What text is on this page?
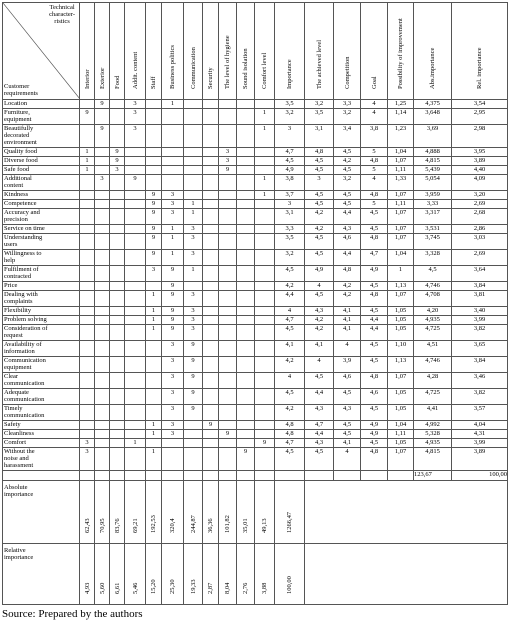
Technical
character-
ristics
Customer
requirements	Interior	Exterior	Food	Addit. content	Staff	Business politics	Communication	Security	The level of hygiene	Sound isolation	Comfort level	Importance	The achieved level	Competition	Goal	Possibility of improvement	Abs.importance	Rel. importance

Location		9		3		1						3,5	3,2	3,3	4	1,25	4,375	3,54

Furniture,
equipment	9			3							1	3,2	3,5	3,2	4	1,14	3,648	2,95

Beautifully
decorated
environment		9		3							1	3	3,1	3,4	3,8	1,23	3,69	2,98

Quality food	1		9						3			4,7	4,8	4,5	5	1,04	4,888	3,95

Diverse food	1		9						3			4,5	4,5	4,2	4,8	1,07	4,815	3,89

Safe food	1		3						9			4,9	4,5	4,5	5	1,11	5,439	4,40

Additional
content		3		9							1	3,8	3	3,2	4	1,33	5,054	4,09

Kindness					9	3					1	3,7	4,5	4,5	4,8	1,07	3,959	3,20

Competence					9	3	1					3	4,5	4,5	5	1,11	3,33	2,69

Accuracy and
precision					9	3	1					3,1	4,2	4,4	4,5	1,07	3,317	2,68

Service on time					9	1	3					3,3	4,2	4,3	4,5	1,07	3,531	2,86

Understanding
users					9	1	3					3,5	4,5	4,6	4,8	1,07	3,745	3,03

Willingness to
help					9	1	3					3,2	4,5	4,4	4,7	1,04	3,328	2,69

Fulfilment of
contracted					3	9	1					4,5	4,9	4,8	4,9	1	4,5	3,64

Price						9						4,2	4	4,2	4,5	1,13	4,746	3,84

Dealing with
complaints					1	9	3					4,4	4,5	4,2	4,8	1,07	4,708	3,81

Flexibility					1	9	3					4	4,3	4,1	4,5	1,05	4,20	3,40

Problem solving					1	9	3					4,7	4,2	4,1	4,4	1,05	4,935	3,99

Consideration of
request					1	9	3					4,5	4,2	4,1	4,4	1,05	4,725	3,82

Availability of
information						3	9					4,1	4,1	4	4,5	1,10	4,51	3,65

Communication
equipment						3	9					4,2	4	3,9	4,5	1,13	4,746	3,84

Clear
communication						3	9					4	4,5	4,6	4,8	1,07	4,28	3,46

Adequate
communication						3	9					4,5	4,4	4,5	4,6	1,05	4,725	3,82

Timely
communication						3	9					4,2	4,3	4,3	4,5	1,05	4,41	3,57

Safety					1	3		9				4,8	4,7	4,5	4,9	1,04	4,992	4,04

Cleanliness					1	3			9			4,8	4,4	4,5	4,9	1,11	5,328	4,31

Comfort	3			1							9	4,7	4,3	4,1	4,5	1,05	4,935	3,99

Without the
noise and
harassment	3				1					9		4,5	4,5	4	4,8	1,07	4,815	3,89
																	123,67	100,00

Absolute
importance	62,43	70,95	83,76	69,21	192,53	320,4	244,87	36,36	101,82	35,01	49,13	1266,47						

Relative
importance	4,93	5,60	6,61	5,46	15,20	25,30	19,33	2,87	8,04	2,76	3,88	100,00						

Source: Prepared by the authors
